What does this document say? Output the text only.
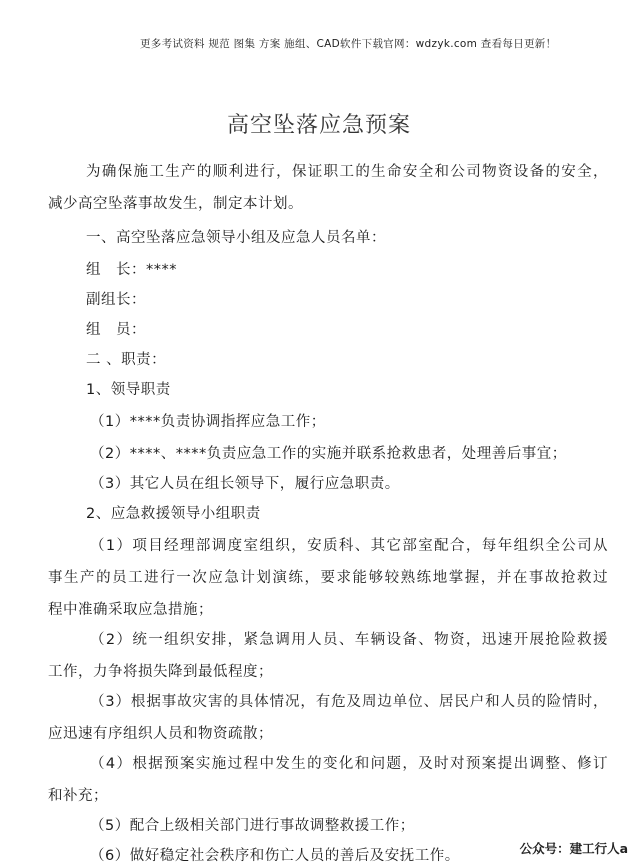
更多考试资料 规范 图集 方案 施组、CAD软件下载官网：wdzyk.com 查看每日更新！
高空坠落应急预案
为确保施工生产的顺利进行，保证职工的生命安全和公司物资设备的安全，
减少高空坠落事故发生，制定本计划。
一、高空坠落应急领导小组及应急人员名单：
组　长：****
副组长：
组　员：
二 、职责：
1、领导职责
（1）****负责协调指挥应急工作；
（2）****、****负责应急工作的实施并联系抢救患者，处理善后事宜；
（3）其它人员在组长领导下，履行应急职责。
2、应急救援领导小组职责
（1）项目经理部调度室组织，安质科、其它部室配合，每年组织全公司从
事生产的员工进行一次应急计划演练，要求能够较熟练地掌握，并在事故抢救过
程中准确采取应急措施；
（2）统一组织安排，紧急调用人员、车辆设备、物资，迅速开展抢险救援
工作，力争将损失降到最低程度；
（3）根据事故灾害的具体情况，有危及周边单位、居民户和人员的险情时，
应迅速有序组织人员和物资疏散；
（4）根据预案实施过程中发生的变化和问题，及时对预案提出调整、修订
和补充；
（5）配合上级相关部门进行事故调整救援工作；
（6）做好稳定社会秩序和伤亡人员的善后及安抚工作。	公众号：建工行人a
